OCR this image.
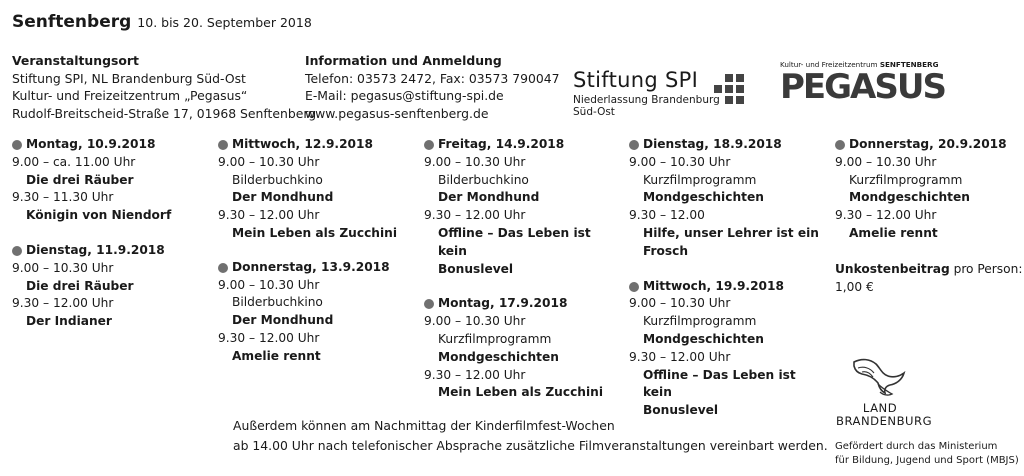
Senftenberg 10. bis 20. September 2018
Veranstaltungsort
Stiftung SPI, NL Brandenburg Süd-Ost
Kultur- und Freizeitzentrum „Pegasus“
Rudolf-Breitscheid-Straße 17, 01968 Senftenberg
Information und Anmeldung
Telefon: 03573 2472, Fax: 03573 790047
E-Mail: pegasus@stiftung-spi.de
www.pegasus-senftenberg.de
Stiftung SPI
Niederlassung Brandenburg
Süd-Ost
Kultur- und Freizeitzentrum SENFTENBERG
PEGASUS
Montag, 10.9.2018
9.00 – ca. 11.00 Uhr
Die drei Räuber
9.30 – 11.30 Uhr
Königin von Niendorf
Dienstag, 11.9.2018
9.00 – 10.30 Uhr
Die drei Räuber
9.30 – 12.00 Uhr
Der Indianer
Mittwoch, 12.9.2018
9.00 – 10.30 Uhr
Bilderbuchkino
Der Mondhund
9.30 – 12.00 Uhr
Mein Leben als Zucchini
Donnerstag, 13.9.2018
9.00 – 10.30 Uhr
Bilderbuchkino
Der Mondhund
9.30 – 12.00 Uhr
Amelie rennt
Freitag, 14.9.2018
9.00 – 10.30 Uhr
Bilderbuchkino
Der Mondhund
9.30 – 12.00 Uhr
Offline – Das Leben ist kein
Bonuslevel
Montag, 17.9.2018
9.00 – 10.30 Uhr
Kurzfilmprogramm
Mondgeschichten
9.30 – 12.00 Uhr
Mein Leben als Zucchini
Dienstag, 18.9.2018
9.00 – 10.30 Uhr
Kurzfilmprogramm
Mondgeschichten
9.30 – 12.00
Hilfe, unser Lehrer ist ein
Frosch
Mittwoch, 19.9.2018
9.00 – 10.30 Uhr
Kurzfilmprogramm
Mondgeschichten
9.30 – 12.00 Uhr
Offline – Das Leben ist kein
Bonuslevel
Donnerstag, 20.9.2018
9.00 – 10.30 Uhr
Kurzfilmprogramm
Mondgeschichten
9.30 – 12.00 Uhr
Amelie rennt
Unkostenbeitrag pro Person:
1,00 €
LAND
BRANDENBURG
Gefördert durch das Ministerium
für Bildung, Jugend und Sport (MBJS)
Außerdem können am Nachmittag der Kinderfilmfest-Wochen
ab 14.00 Uhr nach telefonischer Absprache zusätzliche Filmveranstaltungen vereinbart werden.
